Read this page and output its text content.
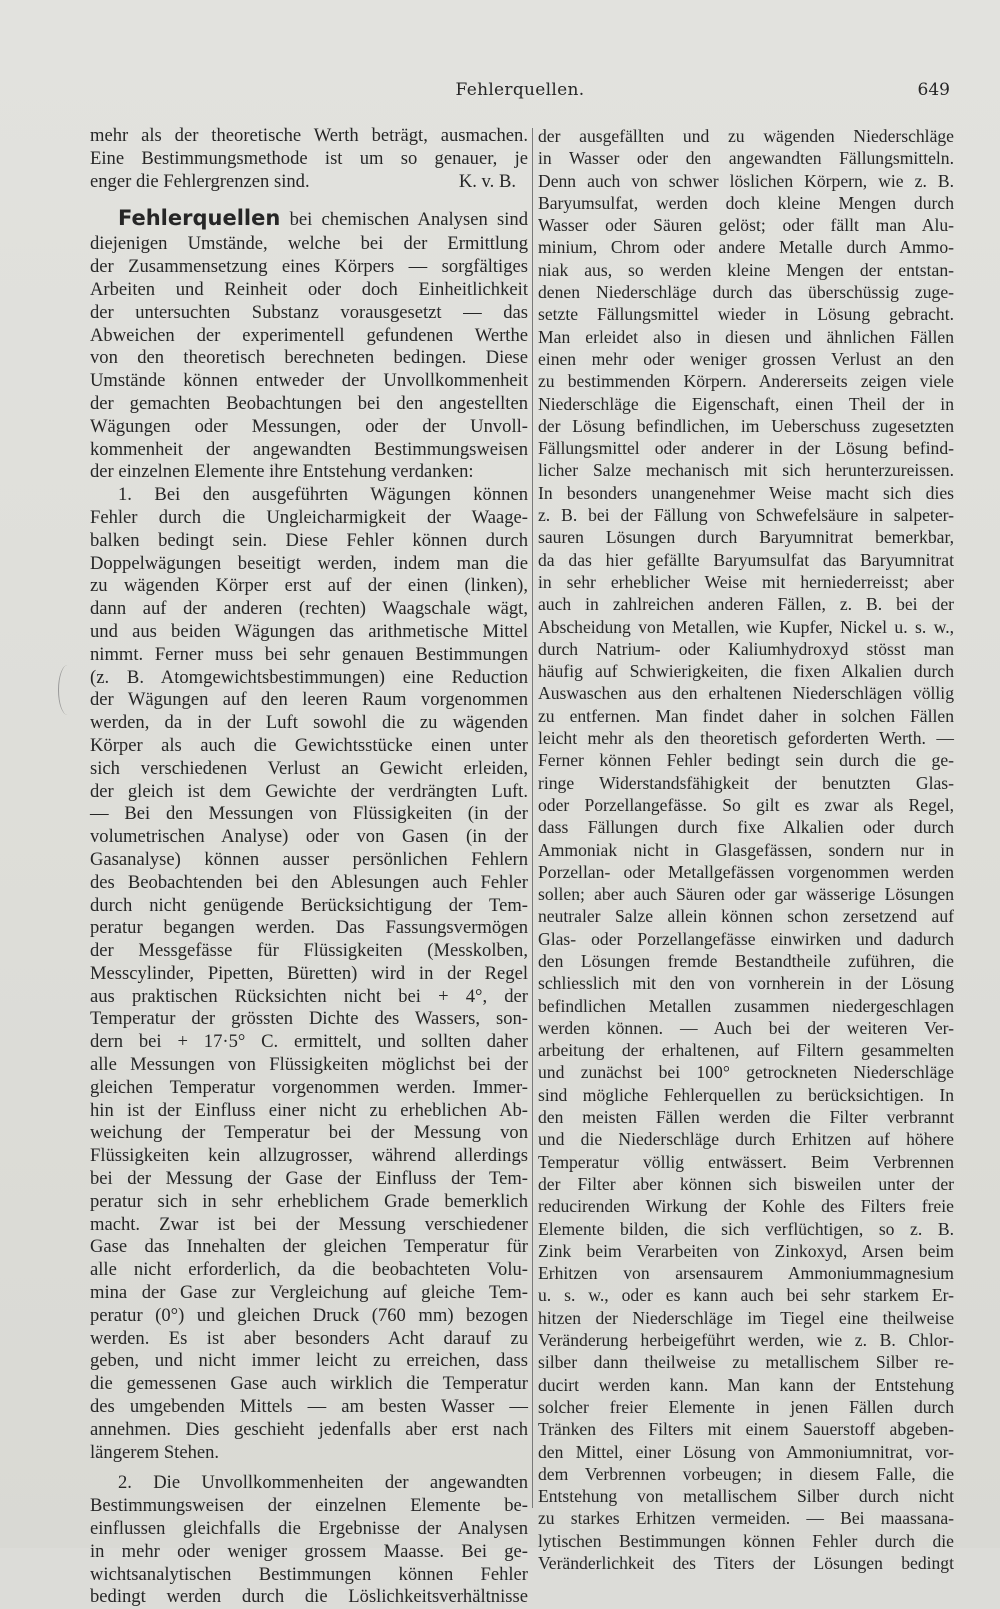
Fehlerquellen.	649
mehr als der theoretische Werth beträgt, ausmachen.
Eine Bestimmungsmethode ist um so genauer, je
enger die Fehlergrenzen sind.	K. v. B.
Fehlerquellen bei chemischen Analysen sind
diejenigen Umstände, welche bei der Ermittlung
der Zusammensetzung eines Körpers — sorgfältiges
Arbeiten und Reinheit oder doch Einheitlichkeit
der untersuchten Substanz vorausgesetzt — das
Abweichen der experimentell gefundenen Werthe
von den theoretisch berechneten bedingen. Diese
Umstände können entweder der Unvollkommenheit
der gemachten Beobachtungen bei den angestellten
Wägungen oder Messungen, oder der Unvoll-
kommenheit der angewandten Bestimmungsweisen
der einzelnen Elemente ihre Entstehung verdanken:
1. Bei den ausgeführten Wägungen können
Fehler durch die Ungleicharmigkeit der Waage-
balken bedingt sein. Diese Fehler können durch
Doppelwägungen beseitigt werden, indem man die
zu wägenden Körper erst auf der einen (linken),
dann auf der anderen (rechten) Waagschale wägt,
und aus beiden Wägungen das arithmetische Mittel
nimmt. Ferner muss bei sehr genauen Bestimmungen
(z. B. Atomgewichtsbestimmungen) eine Reduction
der Wägungen auf den leeren Raum vorgenommen
werden, da in der Luft sowohl die zu wägenden
Körper als auch die Gewichtsstücke einen unter
sich verschiedenen Verlust an Gewicht erleiden,
der gleich ist dem Gewichte der verdrängten Luft.
— Bei den Messungen von Flüssigkeiten (in der
volumetrischen Analyse) oder von Gasen (in der
Gasanalyse) können ausser persönlichen Fehlern
des Beobachtenden bei den Ablesungen auch Fehler
durch nicht genügende Berücksichtigung der Tem-
peratur begangen werden. Das Fassungsvermögen
der Messgefässe für Flüssigkeiten (Messkolben,
Messcylinder, Pipetten, Büretten) wird in der Regel
aus praktischen Rücksichten nicht bei + 4°, der
Temperatur der grössten Dichte des Wassers, son-
dern bei + 17·5° C. ermittelt, und sollten daher
alle Messungen von Flüssigkeiten möglichst bei der
gleichen Temperatur vorgenommen werden. Immer-
hin ist der Einfluss einer nicht zu erheblichen Ab-
weichung der Temperatur bei der Messung von
Flüssigkeiten kein allzugrosser, während allerdings
bei der Messung der Gase der Einfluss der Tem-
peratur sich in sehr erheblichem Grade bemerklich
macht. Zwar ist bei der Messung verschiedener
Gase das Innehalten der gleichen Temperatur für
alle nicht erforderlich, da die beobachteten Volu-
mina der Gase zur Vergleichung auf gleiche Tem-
peratur (0°) und gleichen Druck (760 mm) bezogen
werden. Es ist aber besonders Acht darauf zu
geben, und nicht immer leicht zu erreichen, dass
die gemessenen Gase auch wirklich die Temperatur
des umgebenden Mittels — am besten Wasser —
annehmen. Dies geschieht jedenfalls aber erst nach
längerem Stehen.
2. Die Unvollkommenheiten der angewandten
Bestimmungsweisen der einzelnen Elemente be-
einflussen gleichfalls die Ergebnisse der Analysen
in mehr oder weniger grossem Maasse. Bei ge-
wichtsanalytischen Bestimmungen können Fehler
bedingt werden durch die Löslichkeitsverhältnisse
der ausgefällten und zu wägenden Niederschläge
in Wasser oder den angewandten Fällungsmitteln.
Denn auch von schwer löslichen Körpern, wie z. B.
Baryumsulfat, werden doch kleine Mengen durch
Wasser oder Säuren gelöst; oder fällt man Alu-
minium, Chrom oder andere Metalle durch Ammo-
niak aus, so werden kleine Mengen der entstan-
denen Niederschläge durch das überschüssig zuge-
setzte Fällungsmittel wieder in Lösung gebracht.
Man erleidet also in diesen und ähnlichen Fällen
einen mehr oder weniger grossen Verlust an den
zu bestimmenden Körpern. Andererseits zeigen viele
Niederschläge die Eigenschaft, einen Theil der in
der Lösung befindlichen, im Ueberschuss zugesetzten
Fällungsmittel oder anderer in der Lösung befind-
licher Salze mechanisch mit sich herunterzureissen.
In besonders unangenehmer Weise macht sich dies
z. B. bei der Fällung von Schwefelsäure in salpeter-
sauren Lösungen durch Baryumnitrat bemerkbar,
da das hier gefällte Baryumsulfat das Baryumnitrat
in sehr erheblicher Weise mit herniederreisst; aber
auch in zahlreichen anderen Fällen, z. B. bei der
Abscheidung von Metallen, wie Kupfer, Nickel u. s. w.,
durch Natrium- oder Kaliumhydroxyd stösst man
häufig auf Schwierigkeiten, die fixen Alkalien durch
Auswaschen aus den erhaltenen Niederschlägen völlig
zu entfernen. Man findet daher in solchen Fällen
leicht mehr als den theoretisch geforderten Werth. —
Ferner können Fehler bedingt sein durch die ge-
ringe Widerstandsfähigkeit der benutzten Glas-
oder Porzellangefässe. So gilt es zwar als Regel,
dass Fällungen durch fixe Alkalien oder durch
Ammoniak nicht in Glasgefässen, sondern nur in
Porzellan- oder Metallgefässen vorgenommen werden
sollen; aber auch Säuren oder gar wässerige Lösungen
neutraler Salze allein können schon zersetzend auf
Glas- oder Porzellangefässe einwirken und dadurch
den Lösungen fremde Bestandtheile zuführen, die
schliesslich mit den von vornherein in der Lösung
befindlichen Metallen zusammen niedergeschlagen
werden können. — Auch bei der weiteren Ver-
arbeitung der erhaltenen, auf Filtern gesammelten
und zunächst bei 100° getrockneten Niederschläge
sind mögliche Fehlerquellen zu berücksichtigen. In
den meisten Fällen werden die Filter verbrannt
und die Niederschläge durch Erhitzen auf höhere
Temperatur völlig entwässert. Beim Verbrennen
der Filter aber können sich bisweilen unter der
reducirenden Wirkung der Kohle des Filters freie
Elemente bilden, die sich verflüchtigen, so z. B.
Zink beim Verarbeiten von Zinkoxyd, Arsen beim
Erhitzen von arsensaurem Ammoniummagnesium
u. s. w., oder es kann auch bei sehr starkem Er-
hitzen der Niederschläge im Tiegel eine theilweise
Veränderung herbeigeführt werden, wie z. B. Chlor-
silber dann theilweise zu metallischem Silber re-
ducirt werden kann. Man kann der Entstehung
solcher freier Elemente in jenen Fällen durch
Tränken des Filters mit einem Sauerstoff abgeben-
den Mittel, einer Lösung von Ammoniumnitrat, vor-
dem Verbrennen vorbeugen; in diesem Falle, die
Entstehung von metallischem Silber durch nicht
zu starkes Erhitzen vermeiden. — Bei maassana-
lytischen Bestimmungen können Fehler durch die
Veränderlichkeit des Titers der Lösungen bedingt
